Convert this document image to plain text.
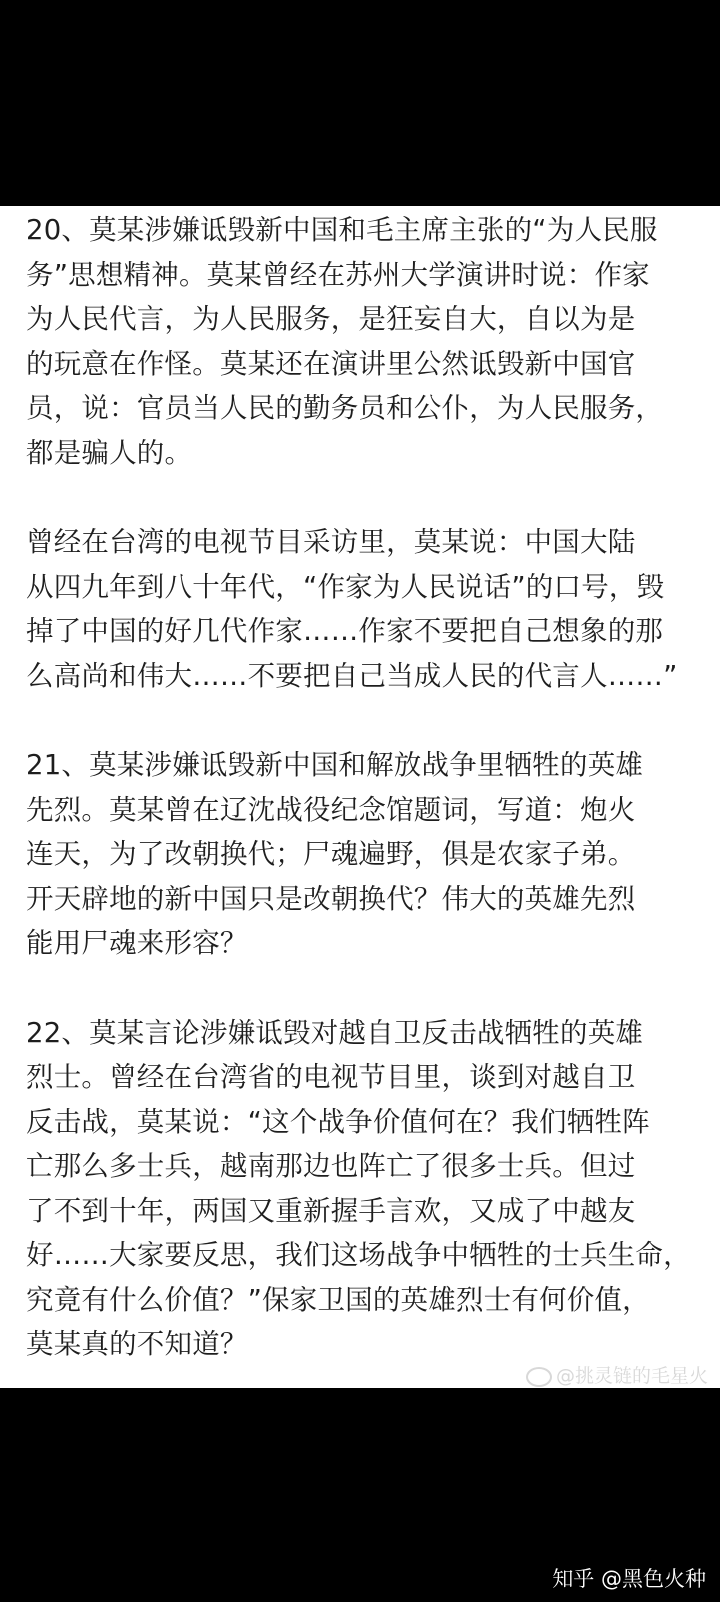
20、莫某涉嫌诋毁新中国和毛主席主张的“为人民服
务”思想精神。莫某曾经在苏州大学演讲时说：作家
为人民代言，为人民服务，是狂妄自大，自以为是
的玩意在作怪。莫某还在演讲里公然诋毁新中国官
员，说：官员当人民的勤务员和公仆，为人民服务，
都是骗人的。

曾经在台湾的电视节目采访里，莫某说：中国大陆
从四九年到八十年代，“作家为人民说话”的口号，毁
掉了中国的好几代作家……作家不要把自己想象的那
么高尚和伟大……不要把自己当成人民的代言人……”

21、莫某涉嫌诋毁新中国和解放战争里牺牲的英雄
先烈。莫某曾在辽沈战役纪念馆题词，写道：炮火
连天，为了改朝换代；尸魂遍野，俱是农家子弟。
开天辟地的新中国只是改朝换代？伟大的英雄先烈
能用尸魂来形容？

22、莫某言论涉嫌诋毁对越自卫反击战牺牲的英雄
烈士。曾经在台湾省的电视节目里，谈到对越自卫
反击战，莫某说：“这个战争价值何在？我们牺牲阵
亡那么多士兵，越南那边也阵亡了很多士兵。但过
了不到十年，两国又重新握手言欢，又成了中越友
好……大家要反思，我们这场战争中牺牲的士兵生命，
究竟有什么价值？”保家卫国的英雄烈士有何价值，
莫某真的不知道？

@挑灵链的毛星火
知乎 @黑色火种
